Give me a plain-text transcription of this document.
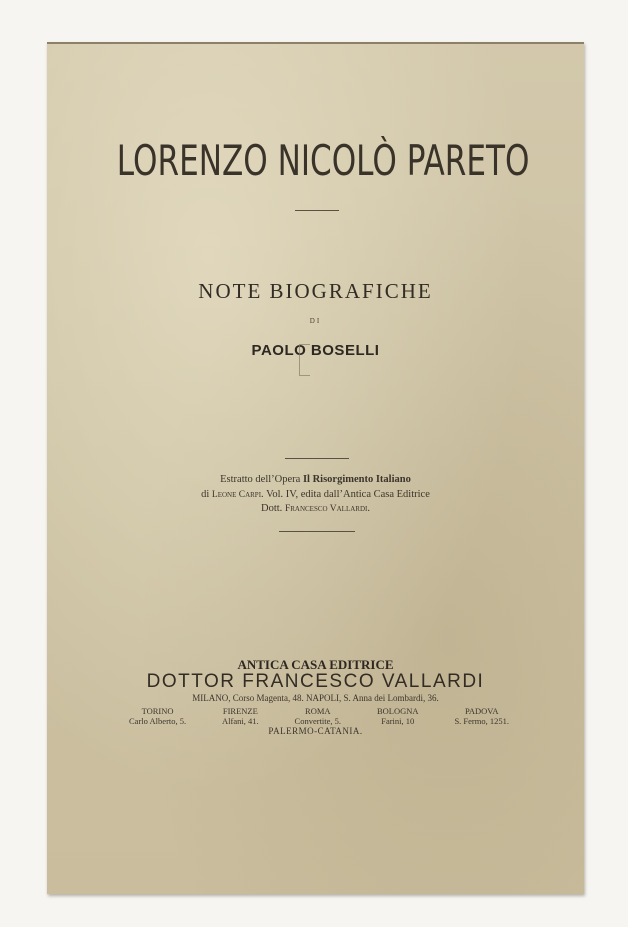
LORENZO NICOLÒ PARETO
NOTE BIOGRAFICHE
DI
PAOLO BOSELLI
Estratto dell’Opera Il Risorgimento Italiano
di Leone Carpi. Vol. IV, edita dall’Antica Casa Editrice
Dott. Francesco Vallardi.
ANTICA CASA EDITRICE
DOTTOR FRANCESCO VALLARDI
MILANO, Corso Magenta, 48. NAPOLI, S. Anna dei Lombardi, 36.
TORINO
Carlo Alberto, 5.
FIRENZE
Alfani, 41.
ROMA
Convertite, 5.
BOLOGNA
Farini, 10
PADOVA
S. Fermo, 1251.
PALERMO-CATANIA.
